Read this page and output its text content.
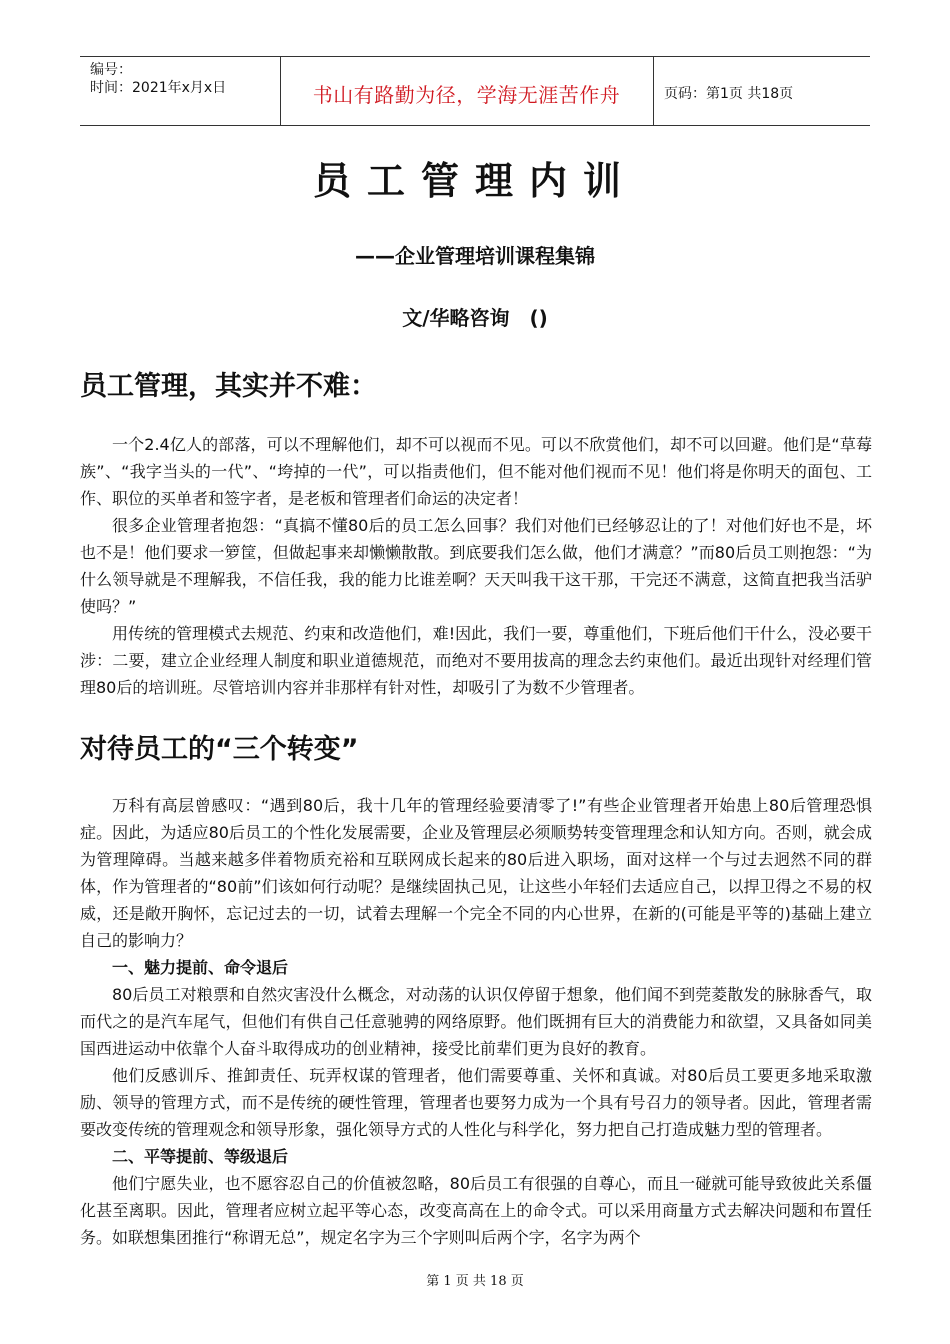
编号：
时间：2021年x月x日	书山有路勤为径，学海无涯苦作舟	页码：第1页 共18页
员工管理内训
——企业管理培训课程集锦
文/华略咨询　()
员工管理，其实并不难：

一个2.4亿人的部落，可以不理解他们，却不可以视而不见。可以不欣赏他们，却不可以回避。他们是“草莓族”、“我字当头的一代”、“垮掉的一代”，可以指责他们，但不能对他们视而不见！他们将是你明天的面包、工作、职位的买单者和签字者，是老板和管理者们命运的决定者！

很多企业管理者抱怨：“真搞不懂80后的员工怎么回事？我们对他们已经够忍让的了！对他们好也不是，坏也不是！他们要求一箩筐，但做起事来却懒懒散散。到底要我们怎么做，他们才满意？”而80后员工则抱怨：“为什么领导就是不理解我，不信任我，我的能力比谁差啊？天天叫我干这干那，干完还不满意，这简直把我当活驴使吗？”

用传统的管理模式去规范、约束和改造他们，难!因此，我们一要，尊重他们，下班后他们干什么，没必要干涉：二要，建立企业经理人制度和职业道德规范，而绝对不要用拔高的理念去约束他们。最近出现针对经理们管理80后的培训班。尽管培训内容并非那样有针对性，却吸引了为数不少管理者。

对待员工的“三个转变”

万科有高层曾感叹：“遇到80后，我十几年的管理经验要清零了!”有些企业管理者开始患上80后管理恐惧症。因此，为适应80后员工的个性化发展需要，企业及管理层必须顺势转变管理理念和认知方向。否则，就会成为管理障碍。当越来越多伴着物质充裕和互联网成长起来的80后进入职场，面对这样一个与过去迥然不同的群体，作为管理者的“80前”们该如何行动呢？是继续固执己见，让这些小年轻们去适应自己，以捍卫得之不易的权威，还是敞开胸怀，忘记过去的一切，试着去理解一个完全不同的内心世界，在新的(可能是平等的)基础上建立自己的影响力？

一、魅力提前、命令退后

80后员工对粮票和自然灾害没什么概念，对动荡的认识仅停留于想象，他们闻不到莞菱散发的脉脉香气，取而代之的是汽车尾气，但他们有供自己任意驰骋的网络原野。他们既拥有巨大的消费能力和欲望，又具备如同美国西进运动中依靠个人奋斗取得成功的创业精神，接受比前辈们更为良好的教育。

他们反感训斥、推卸责任、玩弄权谋的管理者，他们需要尊重、关怀和真诚。对80后员工要更多地采取激励、领导的管理方式，而不是传统的硬性管理，管理者也要努力成为一个具有号召力的领导者。因此，管理者需要改变传统的管理观念和领导形象，强化领导方式的人性化与科学化，努力把自己打造成魅力型的管理者。

二、平等提前、等级退后

他们宁愿失业，也不愿容忍自己的价值被忽略，80后员工有很强的自尊心，而且一碰就可能导致彼此关系僵化甚至离职。因此，管理者应树立起平等心态，改变高高在上的命令式。可以采用商量方式去解决问题和布置任务。如联想集团推行“称谓无总”，规定名字为三个字则叫后两个字，名字为两个

第 1 页 共 18 页
